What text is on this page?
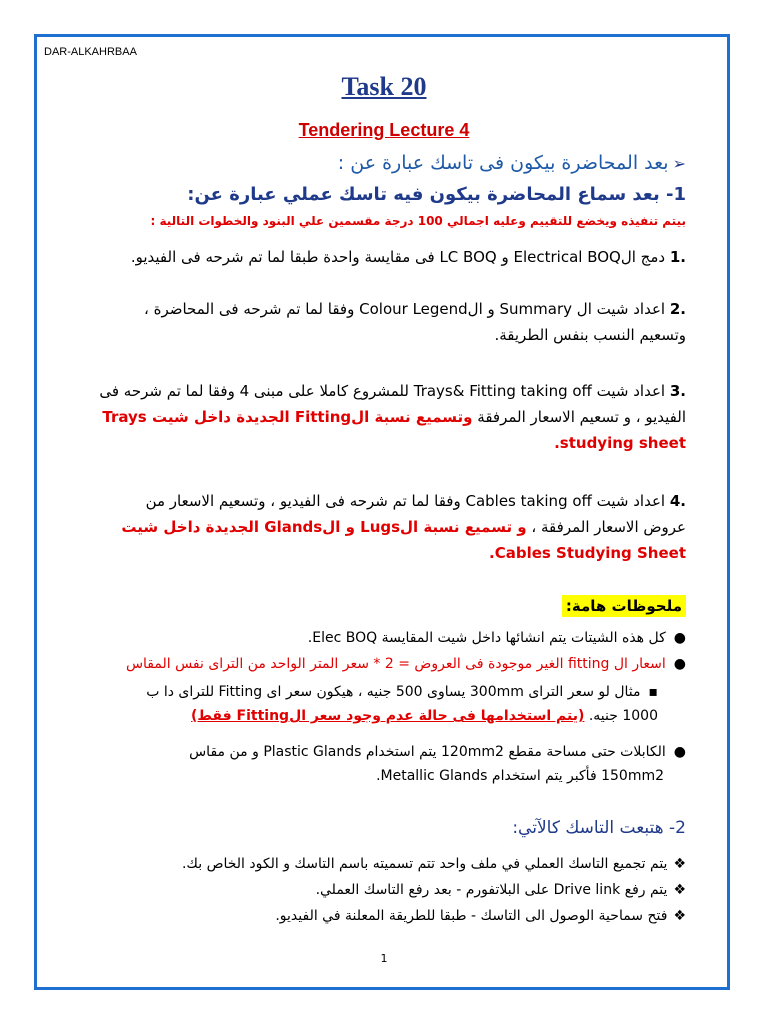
DAR-ALKAHRBAA
Task 20
Tendering Lecture 4
➢بعد المحاضرة بيكون فى تاسك عبارة عن :
1- بعد سماع المحاضرة بيكون فيه تاسك عملي عبارة عن:
بيتم تنفيذه ويخضع للتقييم وعليه اجمالي 100 درجة مقسمين علي البنود والخطوات التالية :
.1 دمج الElectrical BOQ و LC BOQ فى مقايسة واحدة طبقا لما تم شرحه فى الفيديو.
.2 اعداد شيت ال Summary و الColour Legend وفقا لما تم شرحه فى المحاضرة ،
وتسعيم النسب بنفس الطريقة.
.3 اعداد شيت Trays& Fitting taking off للمشروع كاملا على مبنى 4 وفقا لما تم شرحه فى
الفيديو ، و تسعيم الاسعار المرفقة وتسميع نسبة الFitting الجديدة داخل شيت Trays
studying sheet.
.4 اعداد شيت Cables taking off وفقا لما تم شرحه فى الفيديو ، وتسعيم الاسعار من
عروض الاسعار المرفقة ، و تسميع نسبة الLugs و الGlands الجديدة داخل شيت
Cables Studying Sheet.
ملحوظات هامة:
●كل هذه الشيتات يتم انشائها داخل شيت المقايسة Elec BOQ.
●اسعار ال fitting الغير موجودة فى العروض = 2 * سعر المتر الواحد من الترای نفس المقاس
▪مثال لو سعر الترای 300mm يساوى 500 جنيه ، هيكون سعر ای Fitting للترای دا ب
1000 جنيه. (يتم استخدامها فى حالة عدم وجود سعر الFitting فقط)
●الكابلات حتى مساحة مقطع 120mm2 يتم استخدام Plastic Glands و من مقاس
150mm2 فأكبر يتم استخدام Metallic Glands.
2- هتبعت التاسك كالآتي:
❖يتم تجميع التاسك العملي في ملف واحد تتم تسميته باسم التاسك و الكود الخاص بك.
❖يتم رفع Drive link على البلاتفورم - بعد رفع التاسك العملي.
❖فتح سماحية الوصول الى التاسك - طبقا للطريقة المعلنة في الفيديو.
1
